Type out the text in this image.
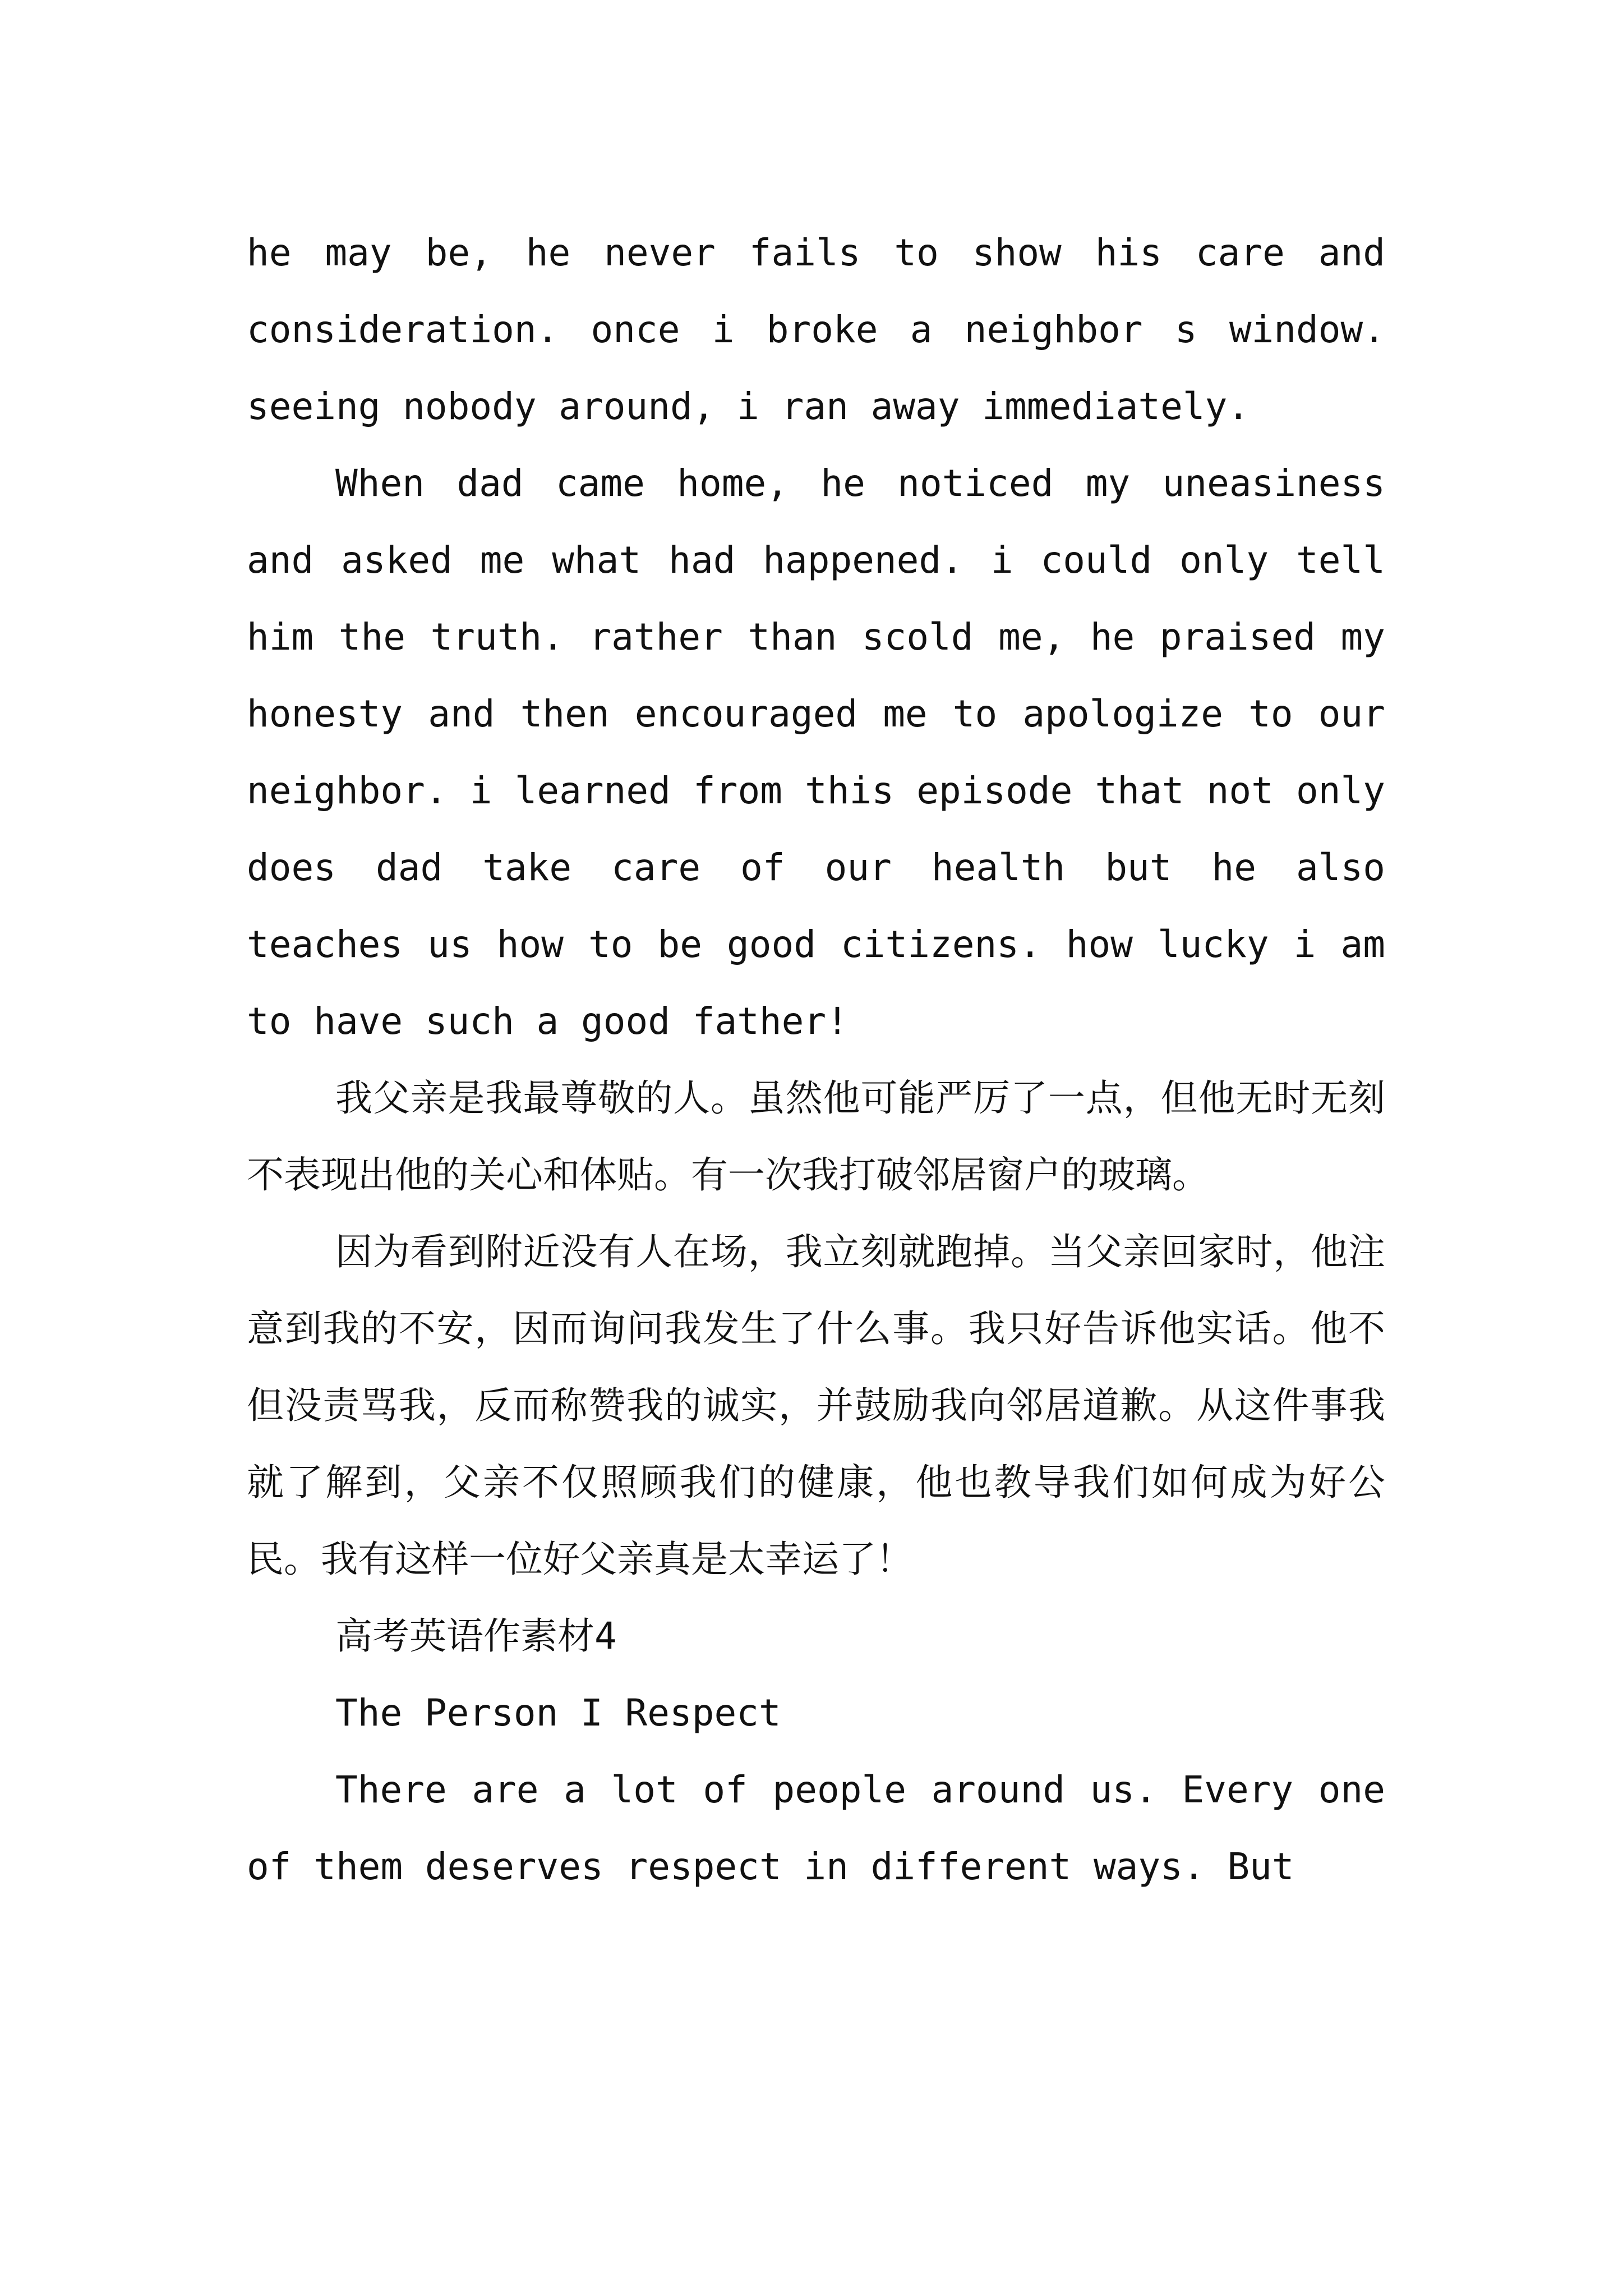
he may be, he never fails to show his care and consideration. once i broke a neighbor s window. seeing nobody around, i ran away immediately.

When dad came home, he noticed my uneasiness and asked me what had happened. i could only tell him the truth. rather than scold me, he praised my honesty and then encouraged me to apologize to our neighbor. i learned from this episode that not only does dad take care of our health but he also teaches us how to be good citizens. how lucky i am to have such a good father!

我父亲是我最尊敬的人。虽然他可能严厉了一点，但他无时无刻不表现出他的关心和体贴。有一次我打破邻居窗户的玻璃。

因为看到附近没有人在场，我立刻就跑掉。当父亲回家时，他注意到我的不安，因而询问我发生了什么事。我只好告诉他实话。他不但没责骂我，反而称赞我的诚实，并鼓励我向邻居道歉。从这件事我就了解到，父亲不仅照顾我们的健康，他也教导我们如何成为好公民。我有这样一位好父亲真是太幸运了！

高考英语作素材4

The Person I Respect

There are a lot of people around us. Every one of them deserves respect in different ways. But
